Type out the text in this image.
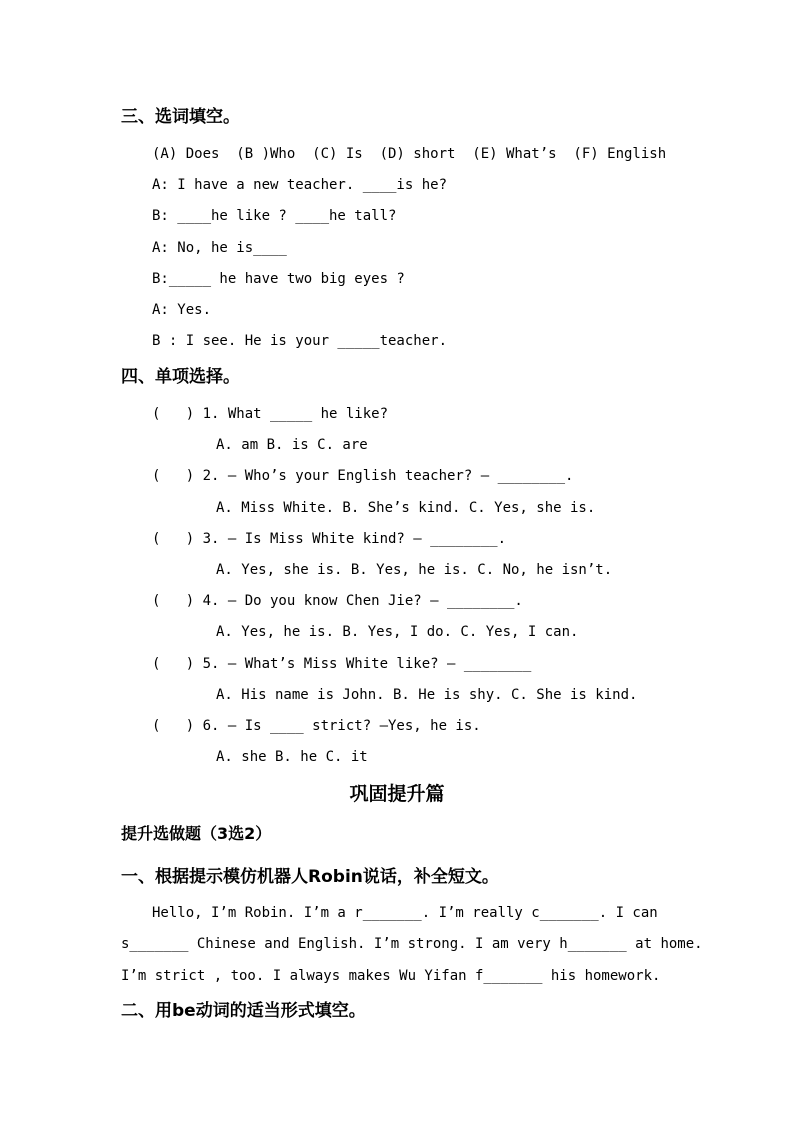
三、选词填空。
(A) Does  (B )Who  (C) Is  (D) short  (E) What’s  (F) English
A: I have a new teacher. ____is he?
B: ____he like ? ____he tall?
A: No, he is____
B:_____ he have two big eyes ?
A: Yes.
B : I see. He is your _____teacher.
四、单项选择。
(   ) 1. What _____ he like?
A. am B. is C. are
(   ) 2. — Who’s your English teacher? — ________.
A. Miss White. B. She’s kind. C. Yes, she is.
(   ) 3. — Is Miss White kind? — ________.
A. Yes, she is. B. Yes, he is. C. No, he isn’t.
(   ) 4. — Do you know Chen Jie? — ________.
A. Yes, he is. B. Yes, I do. C. Yes, I can.
(   ) 5. — What’s Miss White like? — ________
A. His name is John. B. He is shy. C. She is kind.
(   ) 6. — Is ____ strict? —Yes, he is.
A. she B. he C. it
巩固提升篇
提升选做题（3选2）
一、根据提示模仿机器人Robin说话，补全短文。
Hello, I’m Robin. I’m a r_______. I’m really c_______. I can
s_______ Chinese and English. I’m strong. I am very h_______ at home.
I’m strict , too. I always makes Wu Yifan f_______ his homework.
二、用be动词的适当形式填空。
